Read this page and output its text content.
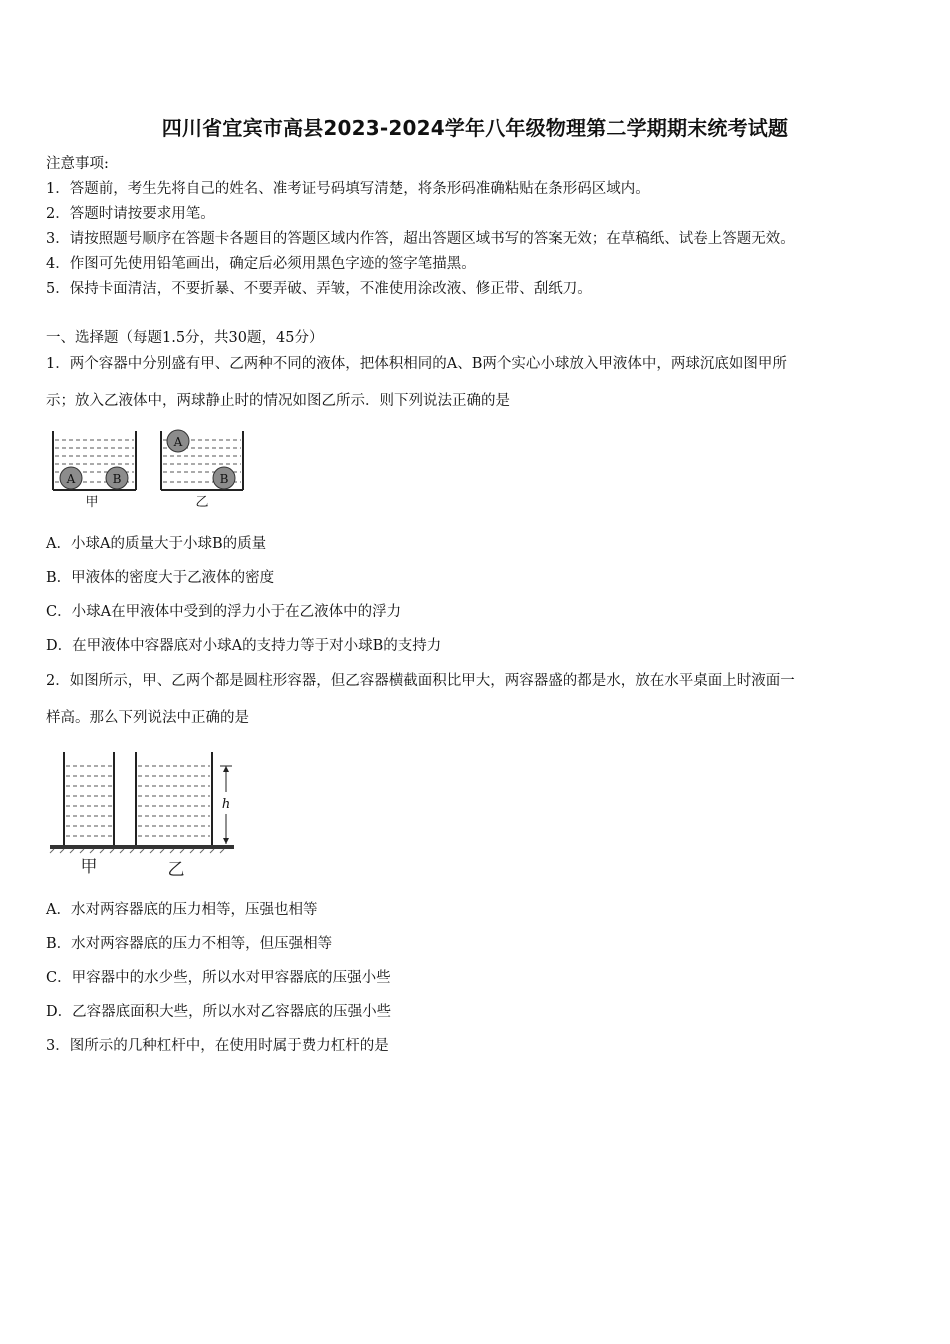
四川省宜宾市高县2023-2024学年八年级物理第二学期期末统考试题
注意事项:
1．答题前，考生先将自己的姓名、准考证号码填写清楚，将条形码准确粘贴在条形码区域内。
2．答题时请按要求用笔。
3．请按照题号顺序在答题卡各题目的答题区域内作答，超出答题区域书写的答案无效；在草稿纸、试卷上答题无效。
4．作图可先使用铅笔画出，确定后必须用黑色字迹的签字笔描黑。
5．保持卡面清洁，不要折暴、不要弄破、弄皱，不准使用涂改液、修正带、刮纸刀。
一、选择题（每题1.5分，共30题，45分）
1．两个容器中分别盛有甲、乙两种不同的液体，把体积相同的A、B两个实心小球放入甲液体中，两球沉底如图甲所
示；放入乙液体中，两球静止时的情况如图乙所示．则下列说法正确的是
A	B
甲
A
B
乙
A．小球A的质量大于小球B的质量
B．甲液体的密度大于乙液体的密度
C．小球A在甲液体中受到的浮力小于在乙液体中的浮力
D．在甲液体中容器底对小球A的支持力等于对小球B的支持力
2．如图所示，甲、乙两个都是圆柱形容器，但乙容器横截面积比甲大，两容器盛的都是水，放在水平桌面上时液面一
样高。那么下列说法中正确的是
h
甲	乙
A．水对两容器底的压力相等，压强也相等
B．水对两容器底的压力不相等，但压强相等
C．甲容器中的水少些，所以水对甲容器底的压强小些
D．乙容器底面积大些，所以水对乙容器底的压强小些
3．图所示的几种杠杆中，在使用时属于费力杠杆的是
